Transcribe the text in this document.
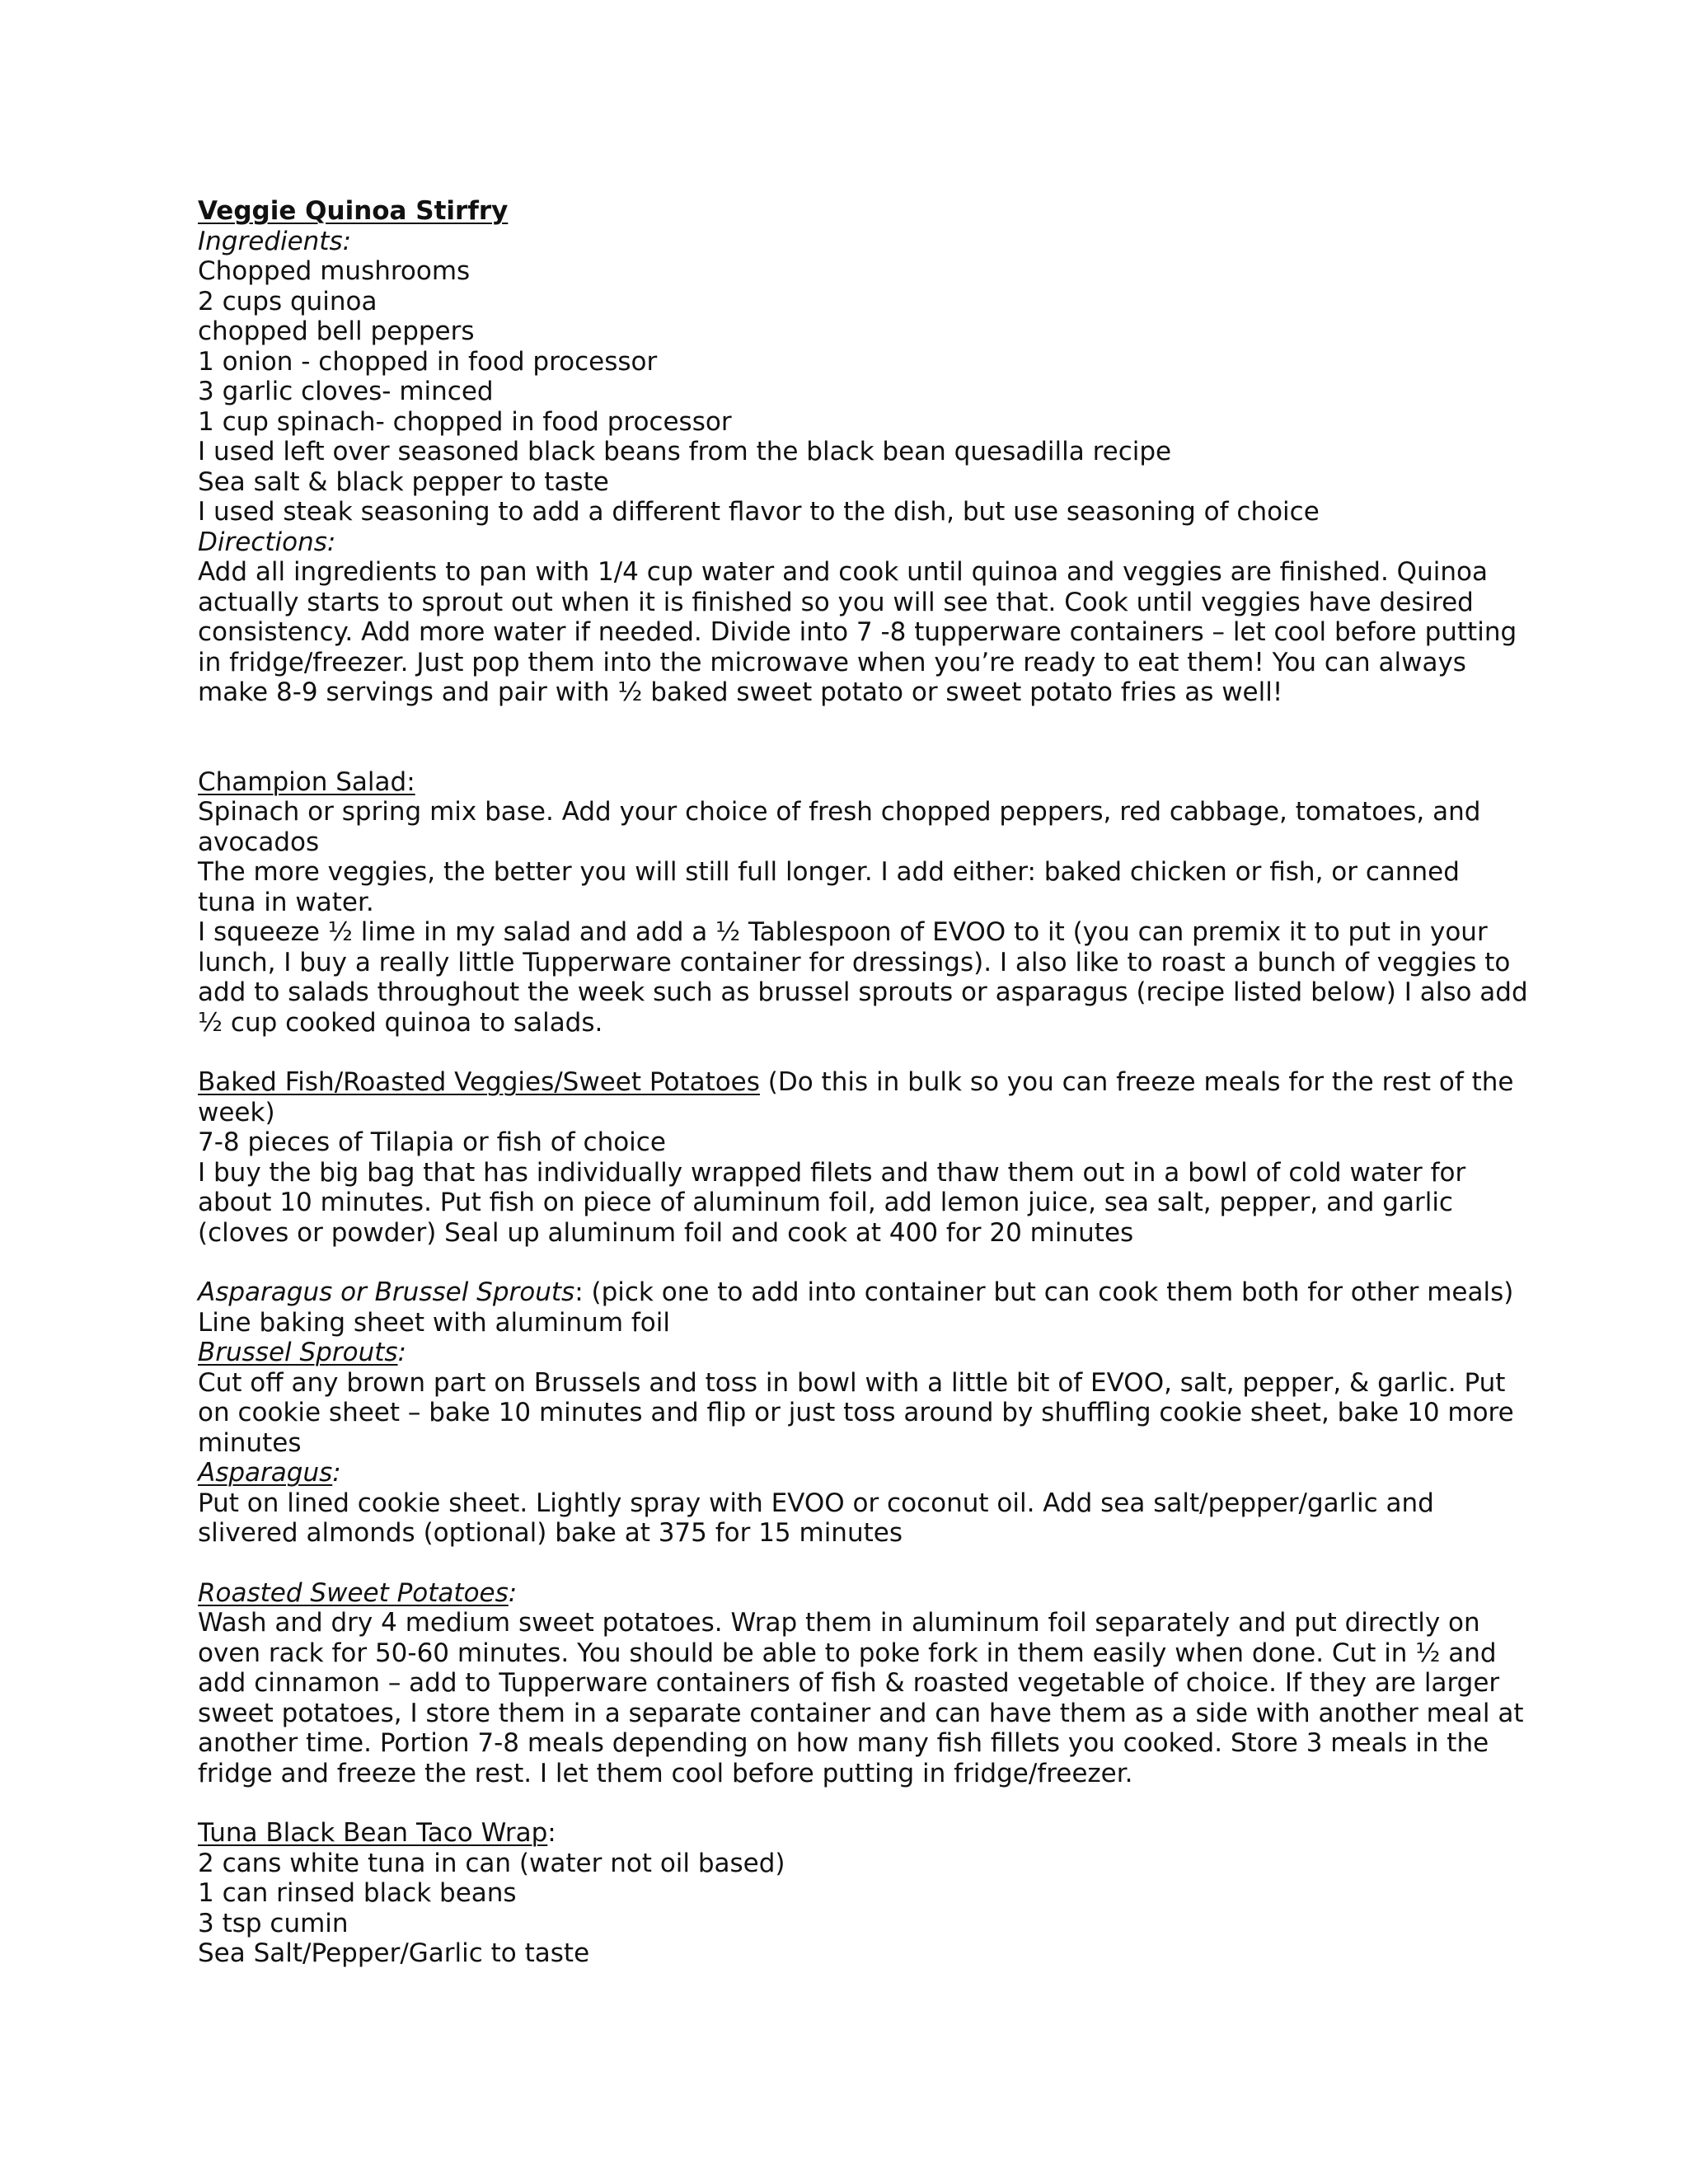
Veggie Quinoa Stirfry
Ingredients:
Chopped mushrooms
2 cups quinoa
chopped bell peppers
1 onion - chopped in food processor
3 garlic cloves- minced
1 cup spinach- chopped in food processor
I used left over seasoned black beans from the black bean quesadilla recipe
Sea salt & black pepper to taste
I used steak seasoning to add a different flavor to the dish, but use seasoning of choice
Directions:
Add all ingredients to pan with 1/4 cup water and cook until quinoa and veggies are finished. Quinoa
actually starts to sprout out when it is finished so you will see that. Cook until veggies have desired
consistency. Add more water if needed. Divide into 7 -8 tupperware containers – let cool before putting
in fridge/freezer. Just pop them into the microwave when you’re ready to eat them! You can always
make 8-9 servings and pair with ½ baked sweet potato or sweet potato fries as well!
Champion Salad:
Spinach or spring mix base. Add your choice of fresh chopped peppers, red cabbage, tomatoes, and
avocados
The more veggies, the better you will still full longer. I add either: baked chicken or fish, or canned
tuna in water.
I squeeze ½ lime in my salad and add a ½ Tablespoon of EVOO to it (you can premix it to put in your
lunch, I buy a really little Tupperware container for dressings). I also like to roast a bunch of veggies to
add to salads throughout the week such as brussel sprouts or asparagus (recipe listed below) I also add
½ cup cooked quinoa to salads.
Baked Fish/Roasted Veggies/Sweet Potatoes (Do this in bulk so you can freeze meals for the rest of the
week)
7-8 pieces of Tilapia or fish of choice
I buy the big bag that has individually wrapped filets and thaw them out in a bowl of cold water for
about 10 minutes. Put fish on piece of aluminum foil, add lemon juice, sea salt, pepper, and garlic
(cloves or powder) Seal up aluminum foil and cook at 400 for 20 minutes
Asparagus or Brussel Sprouts: (pick one to add into container but can cook them both for other meals)
Line baking sheet with aluminum foil
Brussel Sprouts:
Cut off any brown part on Brussels and toss in bowl with a little bit of EVOO, salt, pepper, & garlic. Put
on cookie sheet – bake 10 minutes and flip or just toss around by shuffling cookie sheet, bake 10 more
minutes
Asparagus:
Put on lined cookie sheet. Lightly spray with EVOO or coconut oil. Add sea salt/pepper/garlic and
slivered almonds (optional) bake at 375 for 15 minutes
Roasted Sweet Potatoes:
Wash and dry 4 medium sweet potatoes. Wrap them in aluminum foil separately and put directly on
oven rack for 50-60 minutes. You should be able to poke fork in them easily when done. Cut in ½ and
add cinnamon – add to Tupperware containers of fish & roasted vegetable of choice. If they are larger
sweet potatoes, I store them in a separate container and can have them as a side with another meal at
another time. Portion 7-8 meals depending on how many fish fillets you cooked. Store 3 meals in the
fridge and freeze the rest. I let them cool before putting in fridge/freezer.
Tuna Black Bean Taco Wrap:
2 cans white tuna in can (water not oil based)
1 can rinsed black beans
3 tsp cumin
Sea Salt/Pepper/Garlic to taste
